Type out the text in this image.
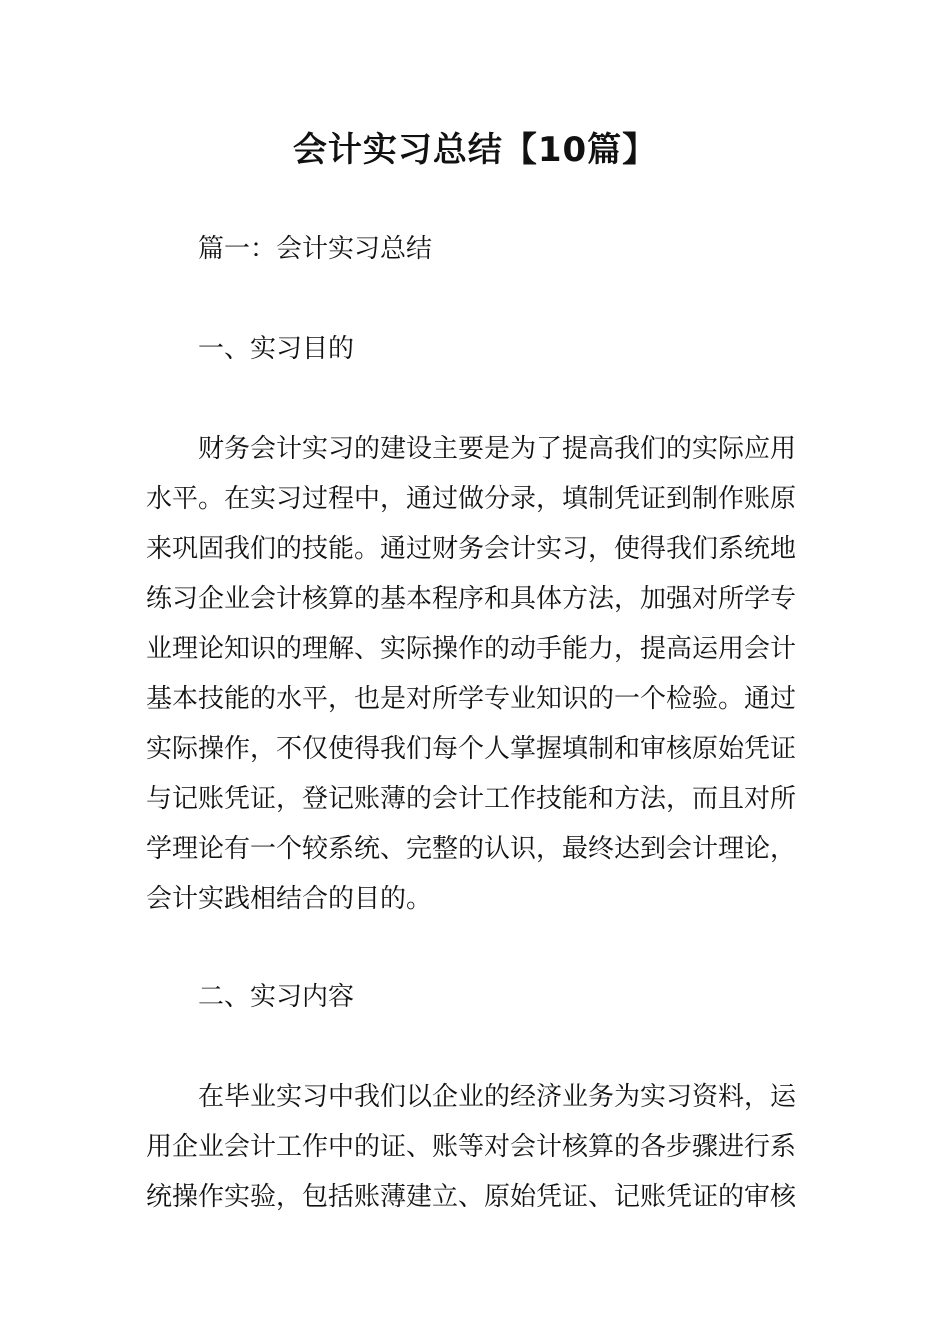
会计实习总结【10篇】

篇一：会计实习总结

一、实习目的

财务会计实习的建设主要是为了提高我们的实际应用

水平。在实习过程中，通过做分录，填制凭证到制作账原

来巩固我们的技能。通过财务会计实习，使得我们系统地

练习企业会计核算的基本程序和具体方法，加强对所学专

业理论知识的理解、实际操作的动手能力，提高运用会计

基本技能的水平，也是对所学专业知识的一个检验。通过

实际操作，不仅使得我们每个人掌握填制和审核原始凭证

与记账凭证，登记账薄的会计工作技能和方法，而且对所

学理论有一个较系统、完整的认识，最终达到会计理论，

会计实践相结合的目的。

二、实习内容

在毕业实习中我们以企业的经济业务为实习资料，运

用企业会计工作中的证、账等对会计核算的各步骤进行系

统操作实验，包括账薄建立、原始凭证、记账凭证的审核
